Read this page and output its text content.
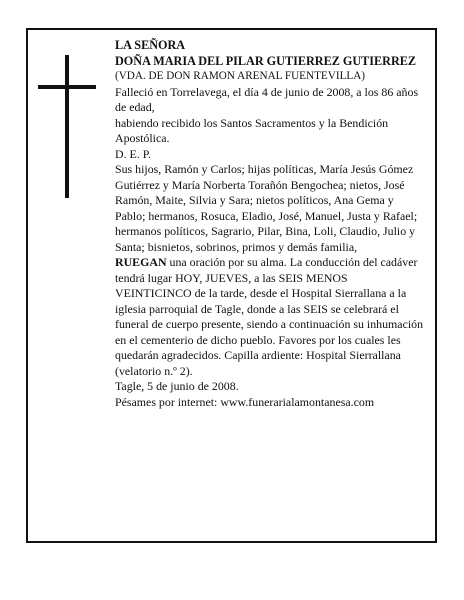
LA SEÑORA

DOÑA MARIA DEL PILAR GUTIERREZ GUTIERREZ

(VDA. DE DON RAMON ARENAL FUENTEVILLA)

Falleció en Torrelavega, el día 4 de junio de 2008, a los 86 años de edad,

habiendo recibido los Santos Sacramentos y la Bendición Apostólica.

D. E. P.

Sus hijos, Ramón y Carlos; hijas políticas, María Jesús Gómez Gutiérrez y María Norberta Torañón Bengochea; nietos, José Ramón, Maite, Silvia y Sara; nietos políticos, Ana Gema y Pablo; hermanos, Rosuca, Eladio, José, Manuel, Justa y Rafael; hermanos políticos, Sagrario, Pilar, Bina, Loli, Claudio, Julio y Santa; bisnietos, sobrinos, primos y demás familia,

RUEGAN una oración por su alma. La conducción del cadáver tendrá lugar HOY, JUEVES, a las SEIS MENOS VEINTICINCO de la tarde, desde el Hospital Sierrallana a la iglesia parroquial de Tagle, donde a las SEIS se celebrará el funeral de cuerpo presente, siendo a continuación su inhumación en el cementerio de dicho pueblo. Favores por los cuales les quedarán agradecidos. Capilla ardiente: Hospital Sierrallana (velatorio n.º 2).

Tagle, 5 de junio de 2008.

Pésames por internet: www.funerarialamontanesa.com
